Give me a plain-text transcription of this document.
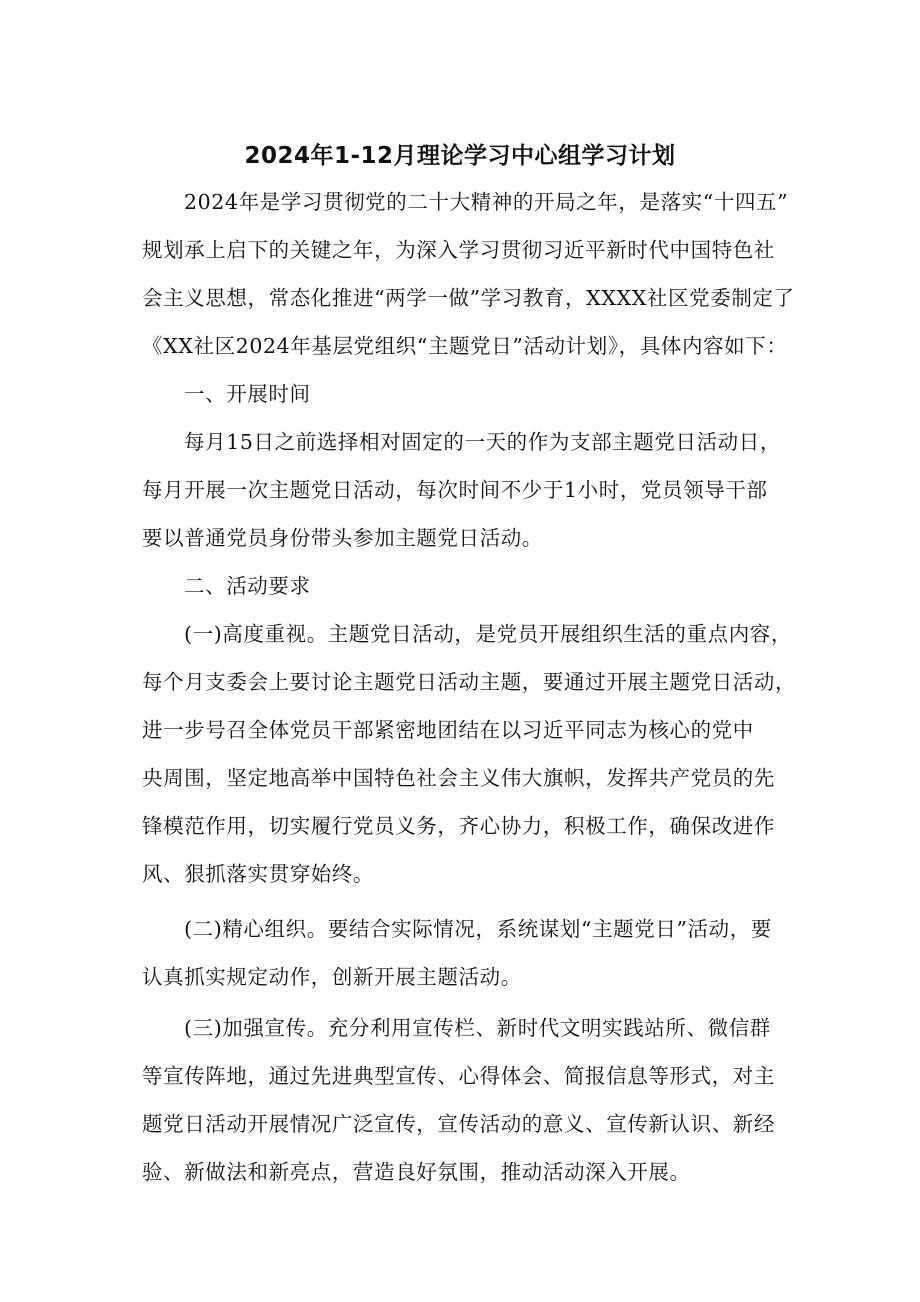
2024年1-12月理论学习中心组学习计划
2024年是学习贯彻党的二十大精神的开局之年，是落实“十四五”
规划承上启下的关键之年，为深入学习贯彻习近平新时代中国特色社
会主义思想，常态化推进“两学一做”学习教育，XXXX社区党委制定了
《XX社区2024年基层党组织“主题党日”活动计划》，具体内容如下：
一、开展时间
每月15日之前选择相对固定的一天的作为支部主题党日活动日，
每月开展一次主题党日活动，每次时间不少于1小时，党员领导干部
要以普通党员身份带头参加主题党日活动。
二、活动要求
(一)高度重视。主题党日活动，是党员开展组织生活的重点内容，
每个月支委会上要讨论主题党日活动主题，要通过开展主题党日活动，
进一步号召全体党员干部紧密地团结在以习近平同志为核心的党中
央周围，坚定地高举中国特色社会主义伟大旗帜，发挥共产党员的先
锋模范作用，切实履行党员义务，齐心协力，积极工作，确保改进作
风、狠抓落实贯穿始终。
(二)精心组织。要结合实际情况，系统谋划“主题党日”活动，要
认真抓实规定动作，创新开展主题活动。
(三)加强宣传。充分利用宣传栏、新时代文明实践站所、微信群
等宣传阵地，通过先进典型宣传、心得体会、简报信息等形式，对主
题党日活动开展情况广泛宣传，宣传活动的意义、宣传新认识、新经
验、新做法和新亮点，营造良好氛围，推动活动深入开展。
